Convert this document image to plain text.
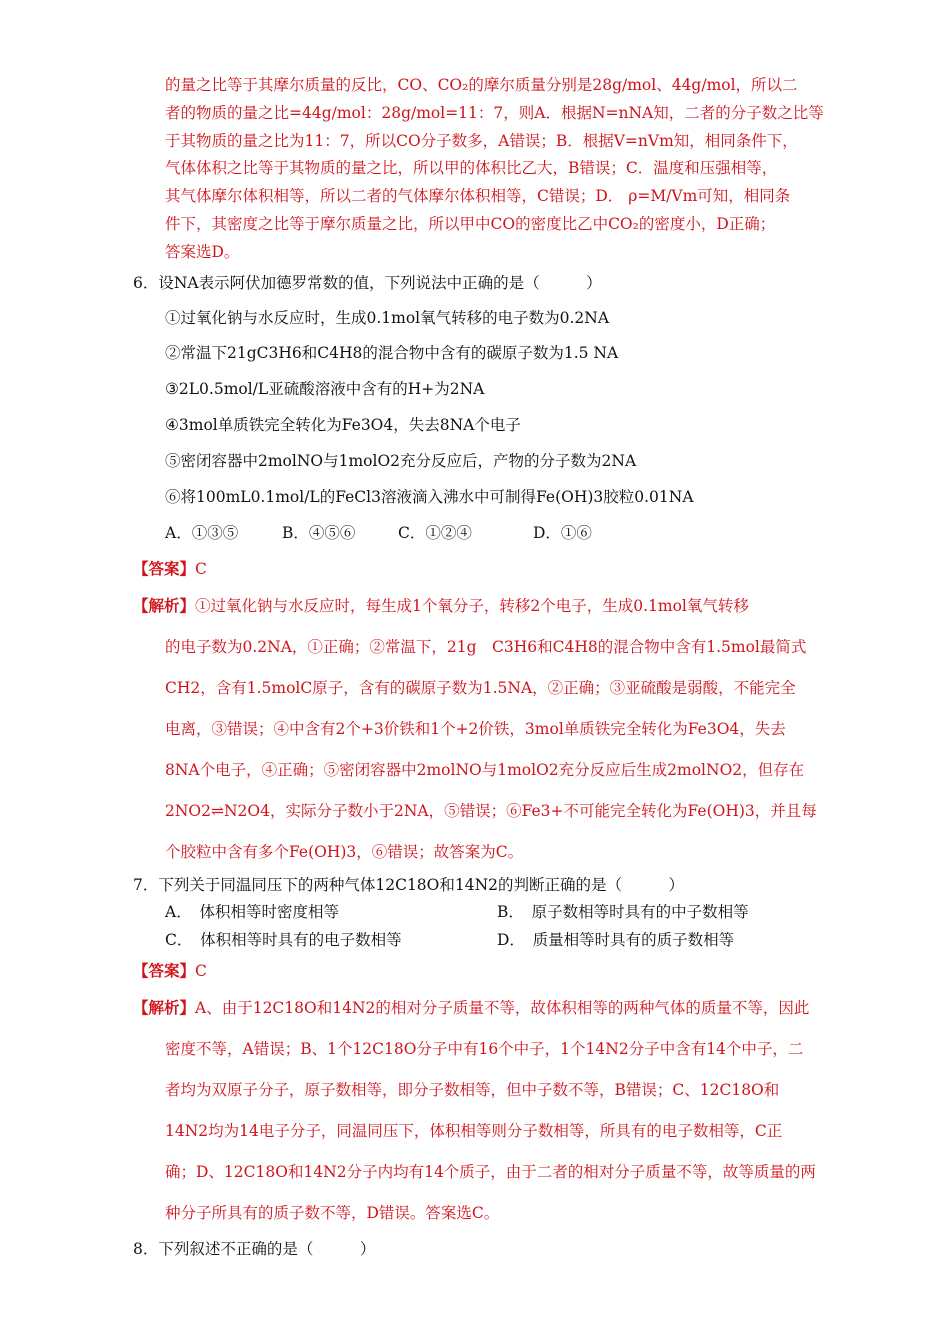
的量之比等于其摩尔质量的反比，CO、CO₂的摩尔质量分别是28g/mol、44g/mol，所以二
者的物质的量之比=44g/mol：28g/mol=11：7，则A．根据N=nNA知，二者的分子数之比等
于其物质的量之比为11：7，所以CO分子数多，A错误；B．根据V=nVm知，相同条件下，
气体体积之比等于其物质的量之比，所以甲的体积比乙大，B错误；C．温度和压强相等，
其气体摩尔体积相等，所以二者的气体摩尔体积相等，C错误；D． ρ=M/Vm可知，相同条
件下，其密度之比等于摩尔质量之比，所以甲中CO的密度比乙中CO₂的密度小，D正确；
答案选D。
6．设NA表示阿伏加德罗常数的值，下列说法中正确的是（　　　）
①过氧化钠与水反应时，生成0.1mol氧气转移的电子数为0.2NA
②常温下21gC3H6和C4H8的混合物中含有的碳原子数为1.5 NA
③2L0.5mol/L亚硫酸溶液中含有的H+为2NA
④3mol单质铁完全转化为Fe3O4，失去8NA个电子
⑤密闭容器中2molNO与1molO2充分反应后，产物的分子数为2NA
⑥将100mL0.1mol/L的FeCl3溶液滴入沸水中可制得Fe(OH)3胶粒0.01NA
A．①③⑤	B．④⑤⑥	C．①②④	D．①⑥
【答案】C
【解析】①过氧化钠与水反应时，每生成1个氧分子，转移2个电子，生成0.1mol氧气转移
的电子数为0.2NA，①正确；②常温下，21g　C3H6和C4H8的混合物中含有1.5mol最简式
CH2，含有1.5molC原子，含有的碳原子数为1.5NA，②正确；③亚硫酸是弱酸，不能完全
电离，③错误；④中含有2个+3价铁和1个+2价铁，3mol单质铁完全转化为Fe3O4，失去
8NA个电子，④正确；⑤密闭容器中2molNO与1molO2充分反应后生成2molNO2，但存在
2NO2⇌N2O4，实际分子数小于2NA，⑤错误；⑥Fe3+不可能完全转化为Fe(OH)3，并且每
个胶粒中含有多个Fe(OH)3，⑥错误；故答案为C。
7．下列关于同温同压下的两种气体12C18O和14N2的判断正确的是（　　　）
A．　体积相等时密度相等	B．　原子数相等时具有的中子数相等
C．　体积相等时具有的电子数相等	D．　质量相等时具有的质子数相等
【答案】C
【解析】A、由于12C18O和14N2的相对分子质量不等，故体积相等的两种气体的质量不等，因此
密度不等，A错误；B、1个12C18O分子中有16个中子，1个14N2分子中含有14个中子，二
者均为双原子分子，原子数相等，即分子数相等，但中子数不等，B错误；C、12C18O和
14N2均为14电子分子，同温同压下，体积相等则分子数相等，所具有的电子数相等，C正
确；D、12C18O和14N2分子内均有14个质子，由于二者的相对分子质量不等，故等质量的两
种分子所具有的质子数不等，D错误。答案选C。
8．下列叙述不正确的是（　　　）
